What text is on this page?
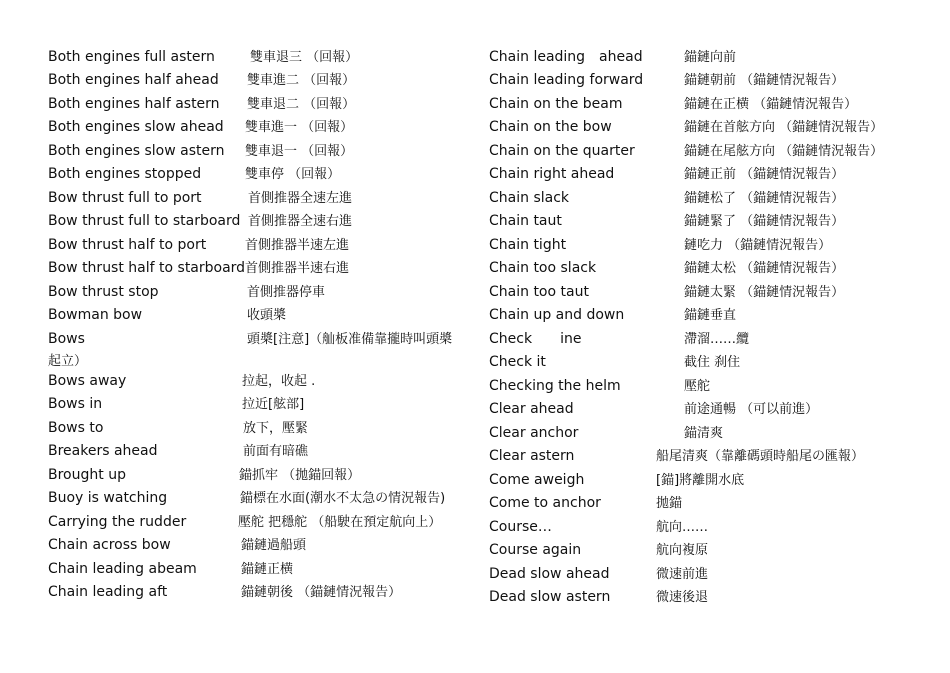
Both engines full astern	雙車退三 （回報）
Both engines half ahead 雙車進二 （回報）
Both engines half astern 雙車退二 （回報）
Both engines slow ahead 雙車進一 （回報）
Both engines slow astern 雙車退一 （回報）
Both engines stopped	雙車停 （回報）
Bow thrust full to port	首側推器全速左進
Bow thrust full to starboard 首側推器全速右進
Bow thrust half to port	首側推器半速左進
Bow thrust half to starboard 首側推器半速右進
Bow thrust stop	首側推器停車
Bowman bow	收頭槳
Bows	頭槳[注意]（舢板准備靠攏時叫頭槳
起立）
Bows away	拉起，收起 .
Bows in	拉近[舷部]
Bows to	放下，壓緊
Breakers ahead	前面有暗礁
Brought up	錨抓牢 （拋錨回報）
Buoy is watching	錨標在水面(潮水不太急の情況報告)
Carrying the rudder	壓舵 把穩舵 （船駛在預定航向上）
Chain across bow	錨鏈過船頭
Chain leading abeam	錨鏈正横
Chain leading aft	錨鏈朝後 （錨鏈情況報告）
Chain leading　ahead	錨鏈向前
Chain leading forward	錨鏈朝前 （錨鏈情況報告）
Chain on the beam	錨鏈在正横 （錨鏈情況報告）
Chain on the bow	錨鏈在首舷方向 （錨鏈情況報告）
Chain on the quarter	錨鏈在尾舷方向 （錨鏈情況報告）
Chain right ahead	錨鏈正前 （錨鏈情況報告）
Chain slack	錨鏈松了 （錨鏈情況報告）
Chain taut	錨鏈緊了 （錨鏈情況報告）
Chain tight	鏈吃力 （錨鏈情況報告）
Chain too slack	錨鏈太松 （錨鏈情況報告）
Chain too taut	錨鏈太緊 （錨鏈情況報告）
Chain up and down	錨鏈垂直
Check　　ine	滯溜……纜
Check it	截住 刹住
Checking the helm	壓舵
Clear ahead	前途通暢 （可以前進）
Clear anchor	錨清爽
Clear astern	船尾清爽（靠離碼頭時船尾の匯報）
Come aweigh	[錨]將離開水底
Come to anchor	拋錨
Course…	航向……
Course again	航向複原
Dead slow ahead	微速前進
Dead slow astern	微速後退
